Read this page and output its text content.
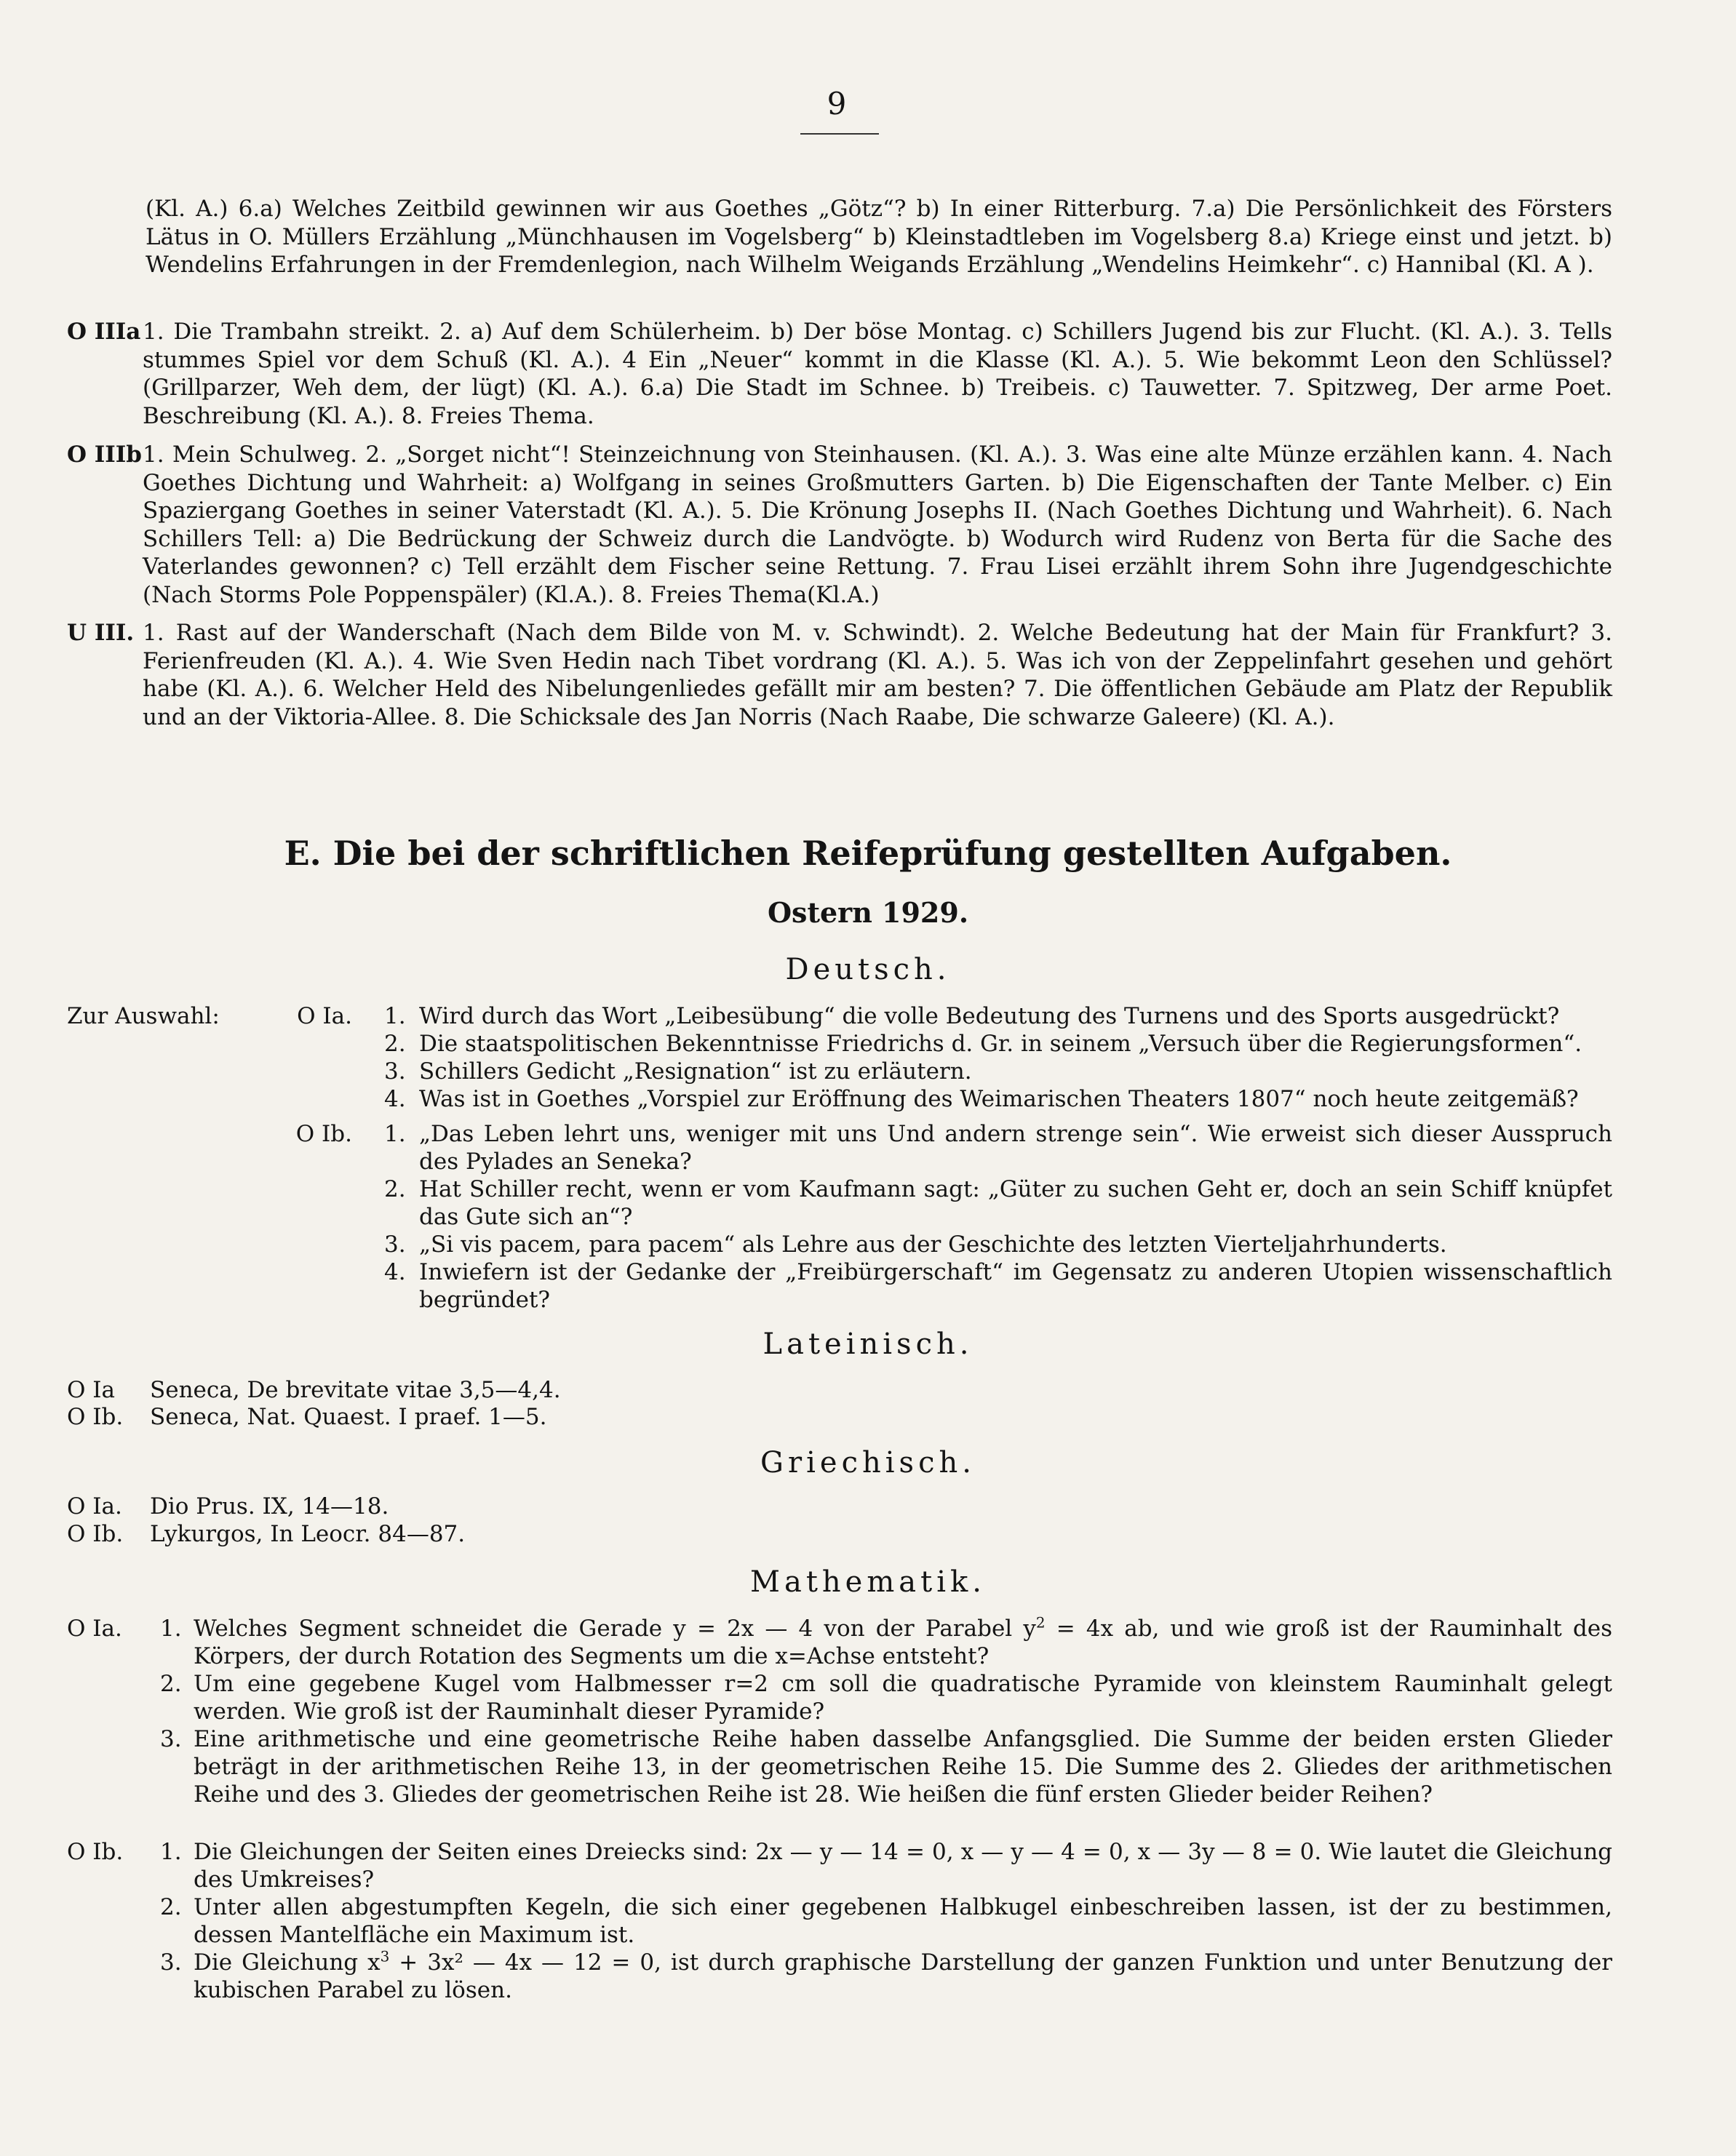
9
(Kl. A.) 6.a) Welches Zeitbild gewinnen wir aus Goethes „Götz“? b) In einer Ritterburg. 7.a) Die Persönlichkeit des Försters Lätus in O. Müllers Erzählung „Münchhausen im Vogelsberg“ b) Kleinstadtleben im Vogelsberg 8.a) Kriege einst und jetzt. b) Wendelins Erfahrungen in der Fremdenlegion, nach Wilhelm Weigands Erzählung „Wendelins Heimkehr“. c) Hannibal (Kl. A ).
O IIIa 1. Die Trambahn streikt. 2. a) Auf dem Schülerheim. b) Der böse Montag. c) Schillers Jugend bis zur Flucht. (Kl. A.). 3. Tells stummes Spiel vor dem Schuß (Kl. A.). 4 Ein „Neuer“ kommt in die Klasse (Kl. A.). 5. Wie bekommt Leon den Schlüssel? (Grillparzer, Weh dem, der lügt) (Kl. A.). 6.a) Die Stadt im Schnee. b) Treibeis. c) Tauwetter. 7. Spitzweg, Der arme Poet. Beschreibung (Kl. A.). 8. Freies Thema.
O IIIb 1. Mein Schulweg. 2. „Sorget nicht“! Steinzeichnung von Steinhausen. (Kl. A.). 3. Was eine alte Münze erzählen kann. 4. Nach Goethes Dichtung und Wahrheit: a) Wolfgang in seines Großmutters Garten. b) Die Eigenschaften der Tante Melber. c) Ein Spaziergang Goethes in seiner Vaterstadt (Kl. A.). 5. Die Krönung Josephs II. (Nach Goethes Dichtung und Wahrheit). 6. Nach Schillers Tell: a) Die Bedrückung der Schweiz durch die Landvögte. b) Wodurch wird Rudenz von Berta für die Sache des Vaterlandes gewonnen? c) Tell erzählt dem Fischer seine Rettung. 7. Frau Lisei erzählt ihrem Sohn ihre Jugendgeschichte (Nach Storms Pole Poppenspäler) (Kl.A.). 8. Freies Thema(Kl.A.)
U III. 1. Rast auf der Wanderschaft (Nach dem Bilde von M. v. Schwindt). 2. Welche Bedeutung hat der Main für Frankfurt? 3. Ferienfreuden (Kl. A.). 4. Wie Sven Hedin nach Tibet vordrang (Kl. A.). 5. Was ich von der Zeppelinfahrt gesehen und gehört habe (Kl. A.). 6. Welcher Held des Nibelungenliedes gefällt mir am besten? 7. Die öffentlichen Gebäude am Platz der Republik und an der Viktoria-Allee. 8. Die Schicksale des Jan Norris (Nach Raabe, Die schwarze Galeere) (Kl. A.).
E. Die bei der schriftlichen Reifeprüfung gestellten Aufgaben.
Ostern 1929.
Deutsch.
Zur Auswahl:	O Ia. 1. Wird durch das Wort „Leibesübung“ die volle Bedeutung des Turnens und des Sports ausgedrückt?
2. Die staatspolitischen Bekenntnisse Friedrichs d. Gr. in seinem „Versuch über die Regierungsformen“.
3. Schillers Gedicht „Resignation“ ist zu erläutern.
4. Was ist in Goethes „Vorspiel zur Eröffnung des Weimarischen Theaters 1807“ noch heute zeitgemäß?
O Ib. 1. „Das Leben lehrt uns, weniger mit uns Und andern strenge sein“. Wie erweist sich dieser Ausspruch des Pylades an Seneka?
2. Hat Schiller recht, wenn er vom Kaufmann sagt: „Güter zu suchen Geht er, doch an sein Schiff knüpfet das Gute sich an“?
3. „Si vis pacem, para pacem“ als Lehre aus der Geschichte des letzten Vierteljahrhunderts.
4. Inwiefern ist der Gedanke der „Freibürgerschaft“ im Gegensatz zu anderen Utopien wissenschaftlich begründet?
Lateinisch.
O Ia Seneca, De brevitate vitae 3,5—4,4.
O Ib. Seneca, Nat. Quaest. I praef. 1—5.
Griechisch.
O Ia. Dio Prus. IX, 14—18.
O Ib. Lykurgos, In Leocr. 84—87.
Mathematik.
O Ia. 1. Welches Segment schneidet die Gerade y = 2x — 4 von der Parabel $y^2 = 4x$ ab, und wie groß ist der Rauminhalt des Körpers, der durch Rotation des Segments um die x=Achse entsteht?
2. Um eine gegebene Kugel vom Halbmesser r=2 cm soll die quadratische Pyramide von kleinstem Rauminhalt gelegt werden. Wie groß ist der Rauminhalt dieser Pyramide?
3. Eine arithmetische und eine geometrische Reihe haben dasselbe Anfangsglied. Die Summe der beiden ersten Glieder beträgt in der arithmetischen Reihe 13, in der geometrischen Reihe 15. Die Summe des 2. Gliedes der arithmetischen Reihe und des 3. Gliedes der geometrischen Reihe ist 28. Wie heißen die fünf ersten Glieder beider Reihen?
O Ib. 1. Die Gleichungen der Seiten eines Dreiecks sind: 2x — y — 14 = 0, x — y — 4 = 0, x — 3y — 8 = 0. Wie lautet die Gleichung des Umkreises?
2. Unter allen abgestumpften Kegeln, die sich einer gegebenen Halbkugel einbeschreiben lassen, ist der zu bestimmen, dessen Mantelfläche ein Maximum ist.
3. Die Gleichung $x^3 + 3x^2$ — 4x — 12 = 0, ist durch graphische Darstellung der ganzen Funktion und unter Benutzung der kubischen Parabel zu lösen.
